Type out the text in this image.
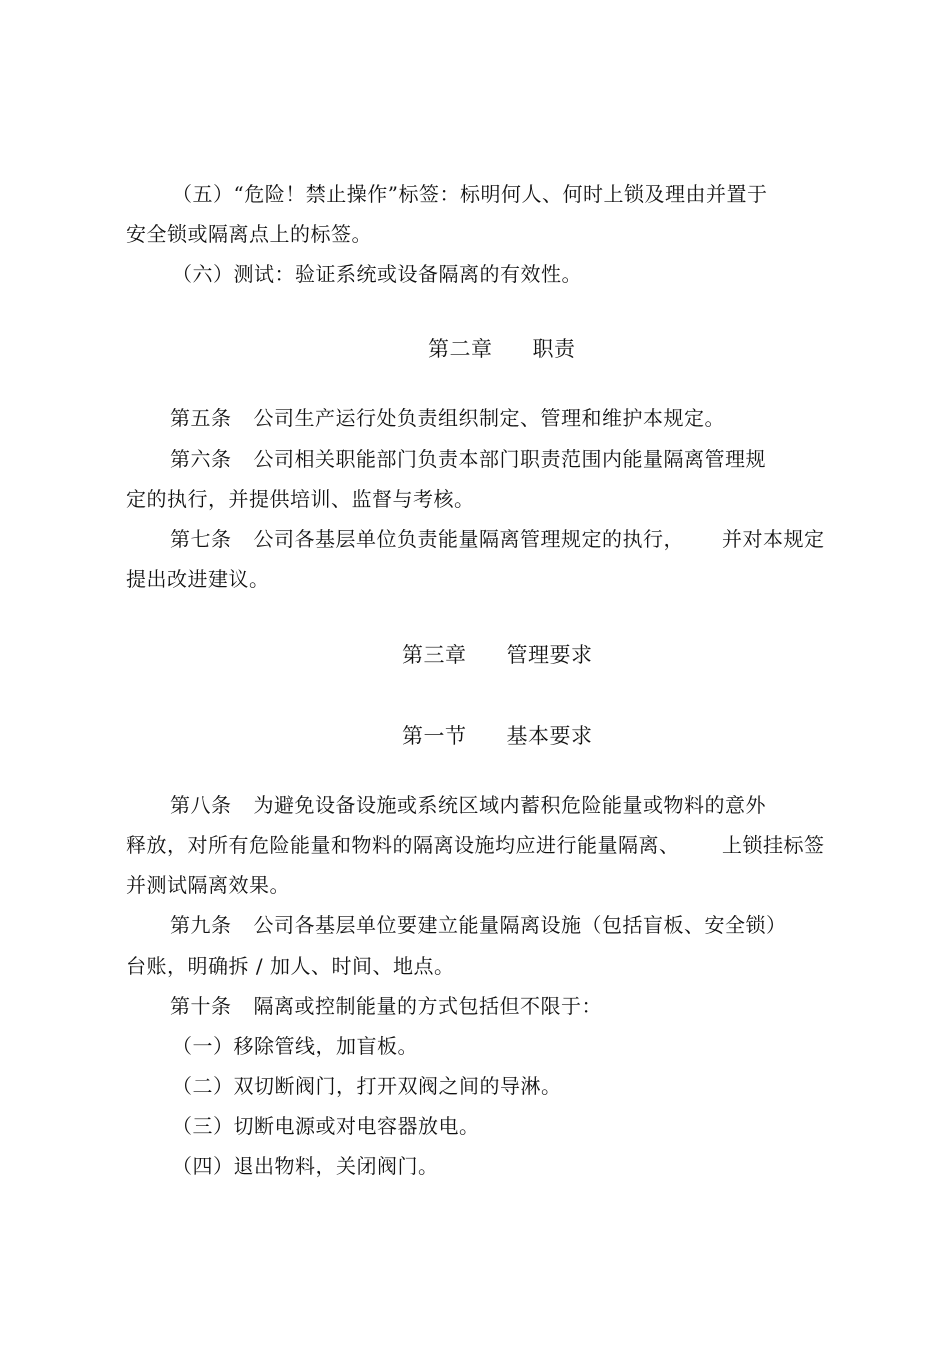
（五）“危险！禁止操作”标签：标明何人、何时上锁及理由并置于
安全锁或隔离点上的标签。
（六）测试：验证系统或设备隔离的有效性。
第二章 职责
第五条 公司生产运行处负责组织制定、管理和维护本规定。
第六条 公司相关职能部门负责本部门职责范围内能量隔离管理规
定的执行，并提供培训、监督与考核。
第七条 公司各基层单位负责能量隔离管理规定的执行， 并对本规定
提出改进建议。
第三章 管理要求
第一节 基本要求
第八条 为避免设备设施或系统区域内蓄积危险能量或物料的意外
释放，对所有危险能量和物料的隔离设施均应进行能量隔离、 上锁挂标签
并测试隔离效果。
第九条 公司各基层单位要建立能量隔离设施（包括盲板、安全锁）
台账，明确拆 / 加人、时间、地点。
第十条 隔离或控制能量的方式包括但不限于：
（一）移除管线，加盲板。
（二）双切断阀门，打开双阀之间的导淋。
（三）切断电源或对电容器放电。
（四）退出物料，关闭阀门。
